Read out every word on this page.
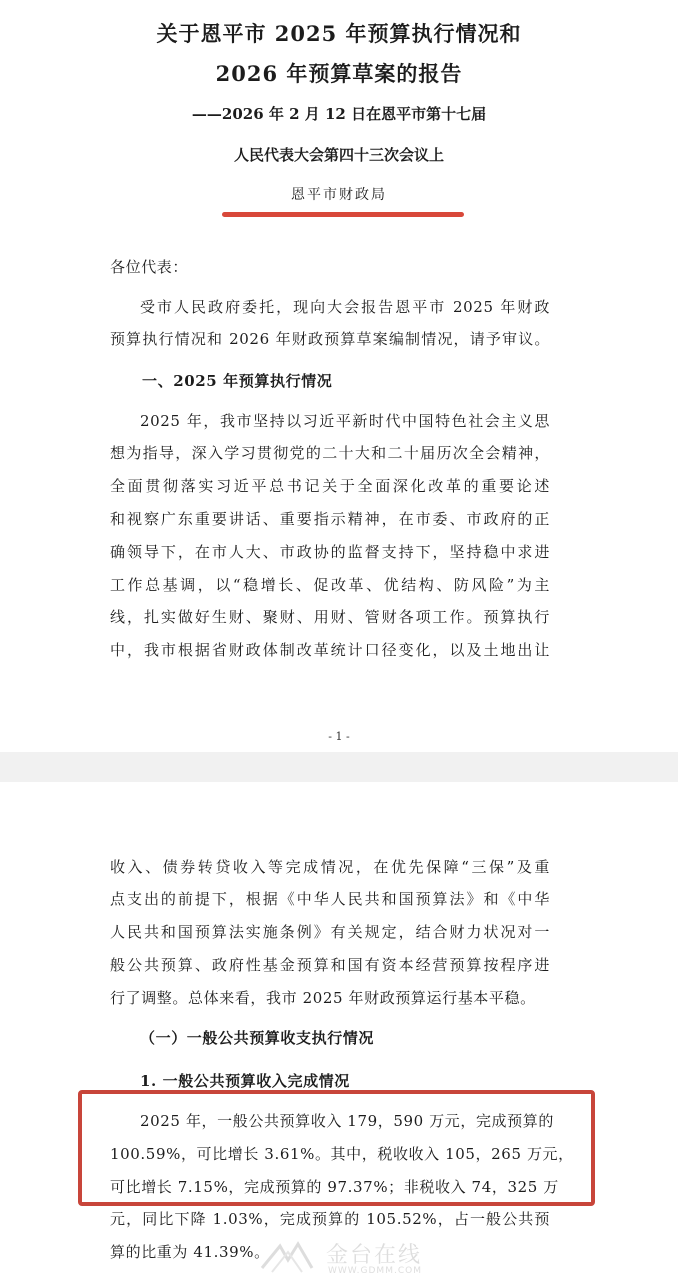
关于恩平市 2025 年预算执行情况和
2026 年预算草案的报告
——2026 年 2 月 12 日在恩平市第十七届
人民代表大会第四十三次会议上
恩平市财政局
各位代表：
受市人民政府委托，现向大会报告恩平市 2025 年财政
预算执行情况和 2026 年财政预算草案编制情况，请予审议。
一、2025 年预算执行情况
2025 年，我市坚持以习近平新时代中国特色社会主义思
想为指导，深入学习贯彻党的二十大和二十届历次全会精神，
全面贯彻落实习近平总书记关于全面深化改革的重要论述
和视察广东重要讲话、重要指示精神，在市委、市政府的正
确领导下，在市人大、市政协的监督支持下，坚持稳中求进
工作总基调，以“稳增长、促改革、优结构、防风险”为主
线，扎实做好生财、聚财、用财、管财各项工作。预算执行
中，我市根据省财政体制改革统计口径变化，以及土地出让
- 1 -
收入、债券转贷收入等完成情况，在优先保障“三保”及重
点支出的前提下，根据《中华人民共和国预算法》和《中华
人民共和国预算法实施条例》有关规定，结合财力状况对一
般公共预算、政府性基金预算和国有资本经营预算按程序进
行了调整。总体来看，我市 2025 年财政预算运行基本平稳。
（一）一般公共预算收支执行情况
1. 一般公共预算收入完成情况
2025 年，一般公共预算收入 179，590 万元，完成预算的
100.59%，可比增长 3.61%。其中，税收收入 105，265 万元，
可比增长 7.15%，完成预算的 97.37%；非税收入 74，325 万
元，同比下降 1.03%，完成预算的 105.52%，占一般公共预
算的比重为 41.39%。	金台在线
WWW.GDMM.COM
